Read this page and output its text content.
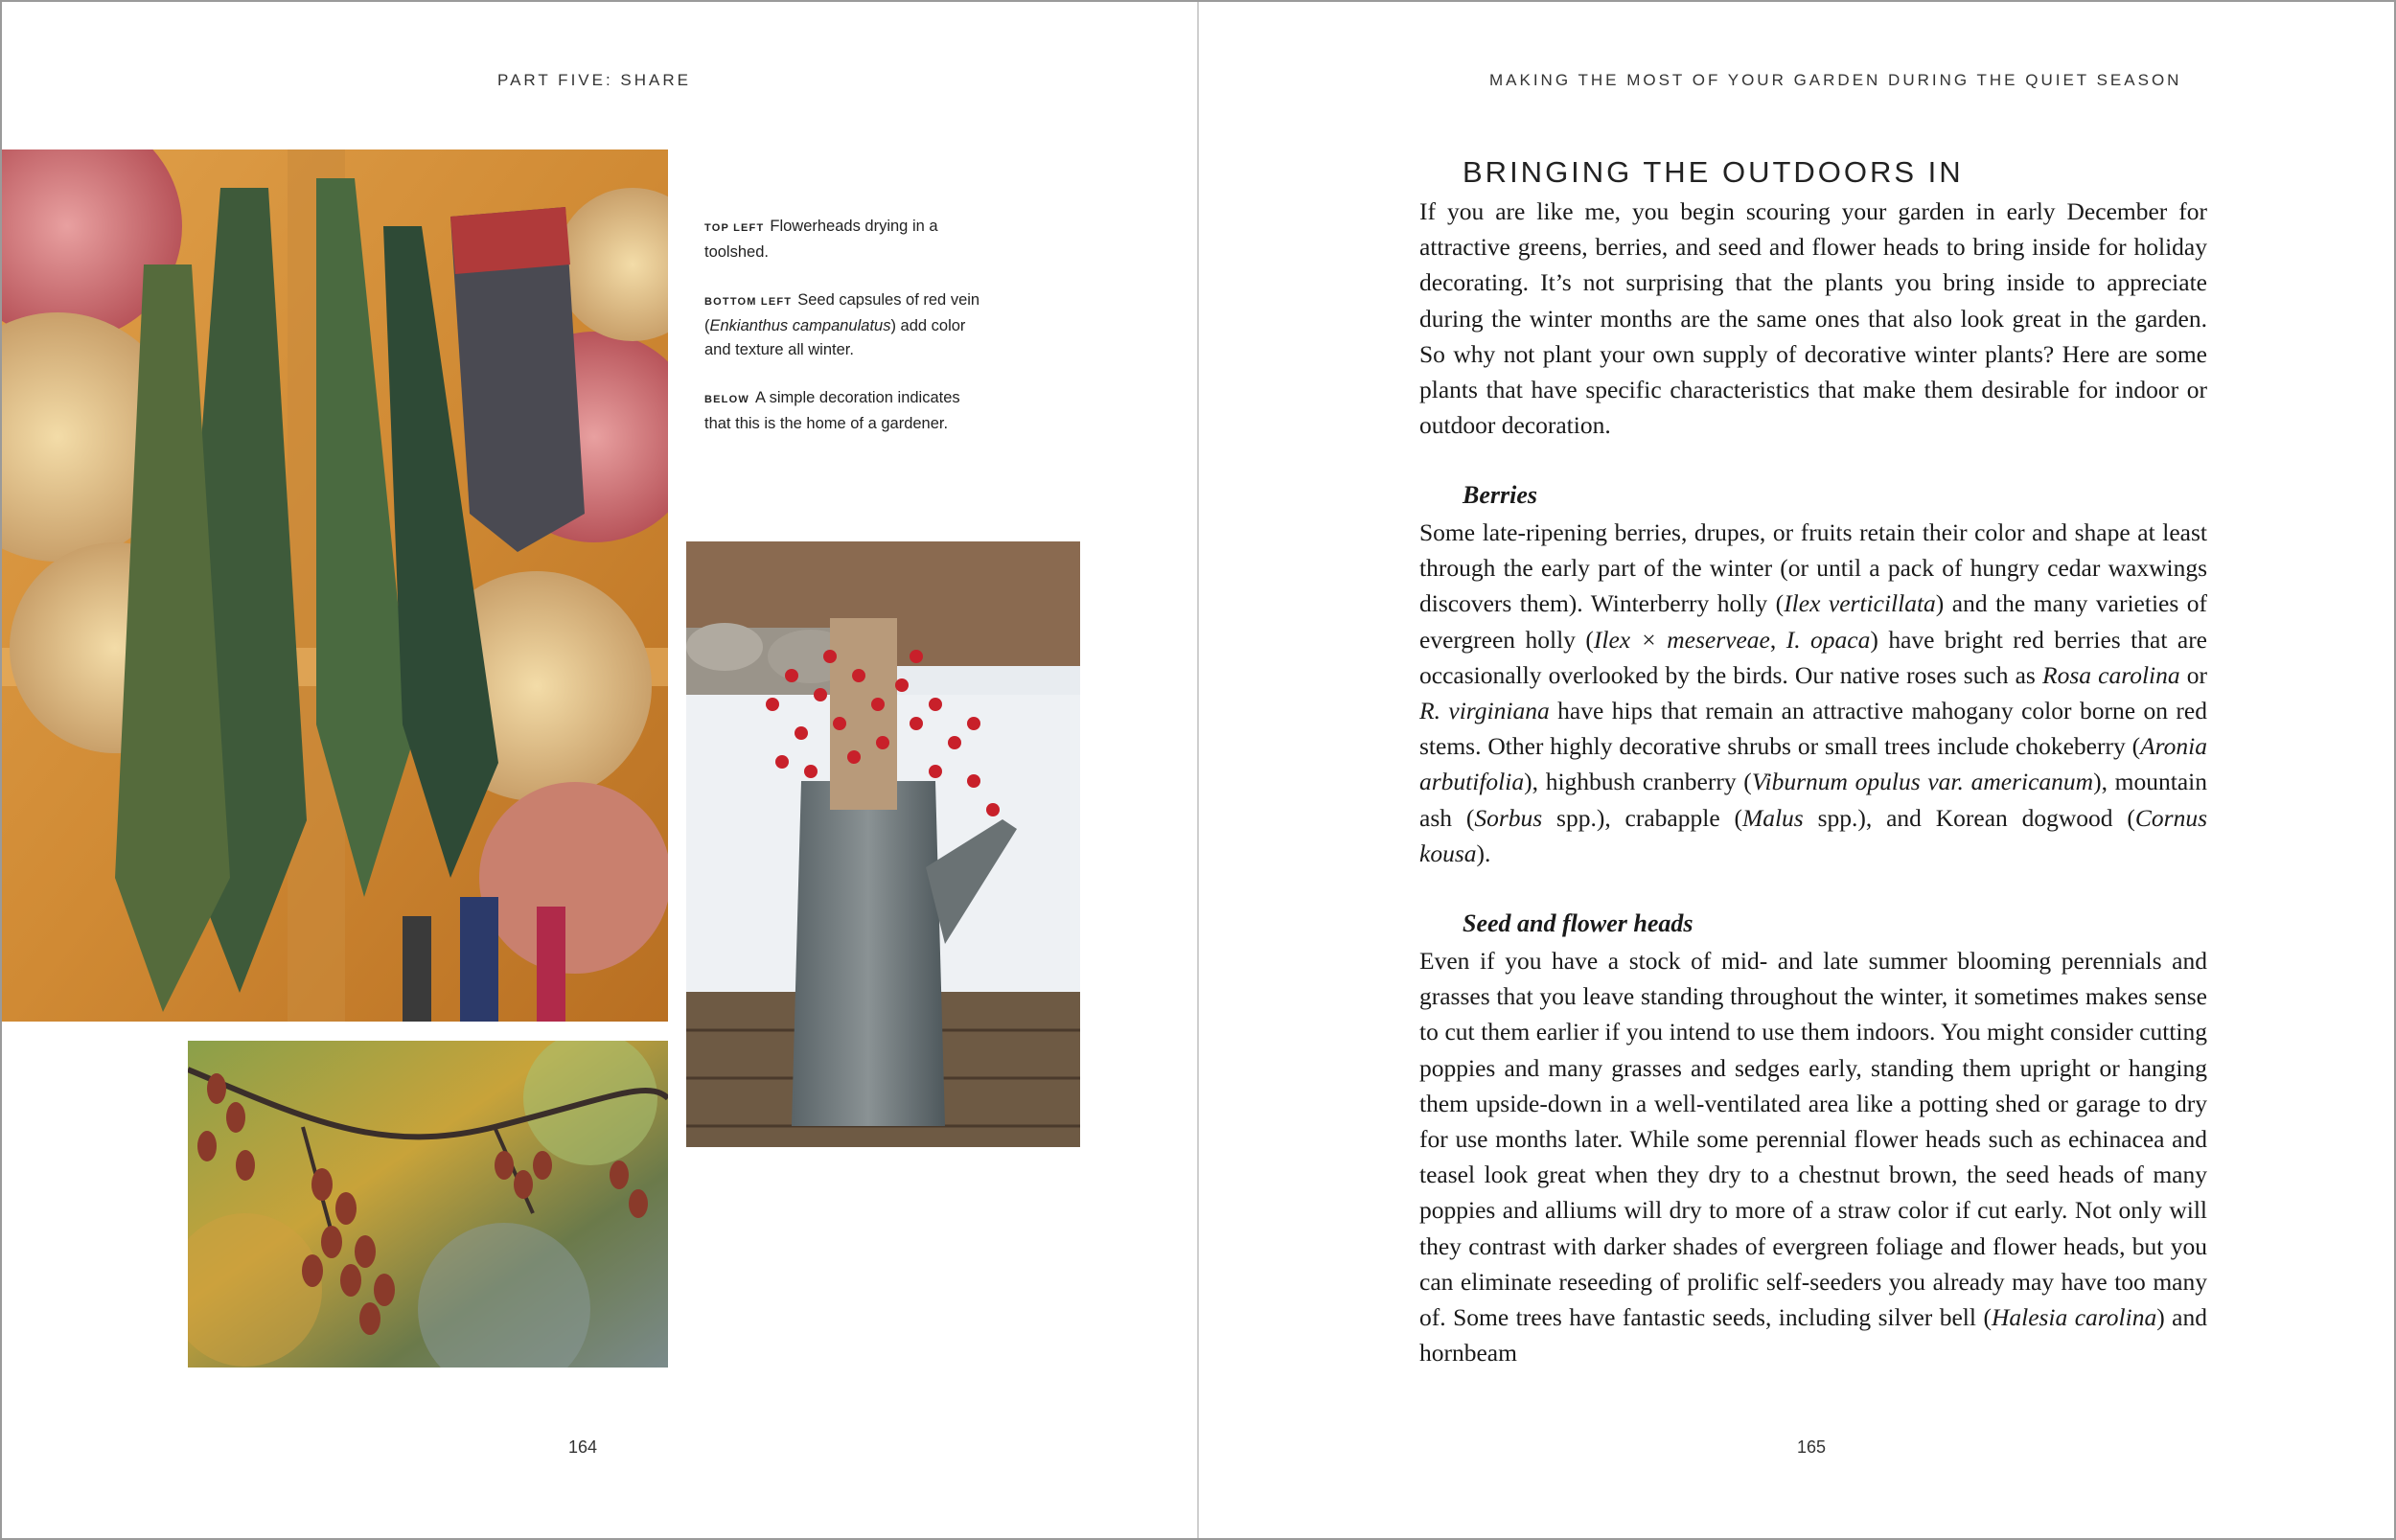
PART FIVE: SHARE

TOP LEFT Flowerheads drying in a toolshed.

BOTTOM LEFT Seed capsules of red vein (Enkianthus campanulatus) add color and texture all winter.

BELOW A simple decoration indicates that this is the home of a gardener.

164
MAKING THE MOST OF YOUR GARDEN DURING THE QUIET SEASON
BRINGING THE OUTDOORS IN

If you are like me, you begin scouring your garden in early December for attractive greens, berries, and seed and flower heads to bring inside for holiday decorating. It’s not surprising that the plants you bring inside to appreciate during the winter months are the same ones that also look great in the garden. So why not plant your own supply of decorative winter plants? Here are some plants that have specific characteristics that make them desirable for indoor or outdoor decoration.

Berries

Some late-ripening berries, drupes, or fruits retain their color and shape at least through the early part of the winter (or until a pack of hungry cedar waxwings discovers them). Winterberry holly (Ilex verticillata) and the many varieties of evergreen holly (Ilex × meserveae, I. opaca) have bright red berries that are occasionally overlooked by the birds. Our native roses such as Rosa carolina or R. virginiana have hips that remain an attractive mahogany color borne on red stems. Other highly decorative shrubs or small trees include chokeberry (Aronia arbutifolia), highbush cranberry (Viburnum opulus var. americanum), mountain ash (Sorbus spp.), crabapple (Malus spp.), and Korean dogwood (Cornus kousa).

Seed and flower heads

Even if you have a stock of mid- and late summer blooming perennials and grasses that you leave standing throughout the winter, it sometimes makes sense to cut them earlier if you intend to use them indoors. You might consider cutting poppies and many grasses and sedges early, standing them upright or hanging them upside-down in a well-ventilated area like a potting shed or garage to dry for use months later. While some perennial flower heads such as echinacea and teasel look great when they dry to a chestnut brown, the seed heads of many poppies and alliums will dry to more of a straw color if cut early. Not only will they contrast with darker shades of evergreen foliage and flower heads, but you can eliminate reseeding of prolific self-seeders you already may have too many of. Some trees have fantastic seeds, including silver bell (Halesia carolina) and hornbeam

165
